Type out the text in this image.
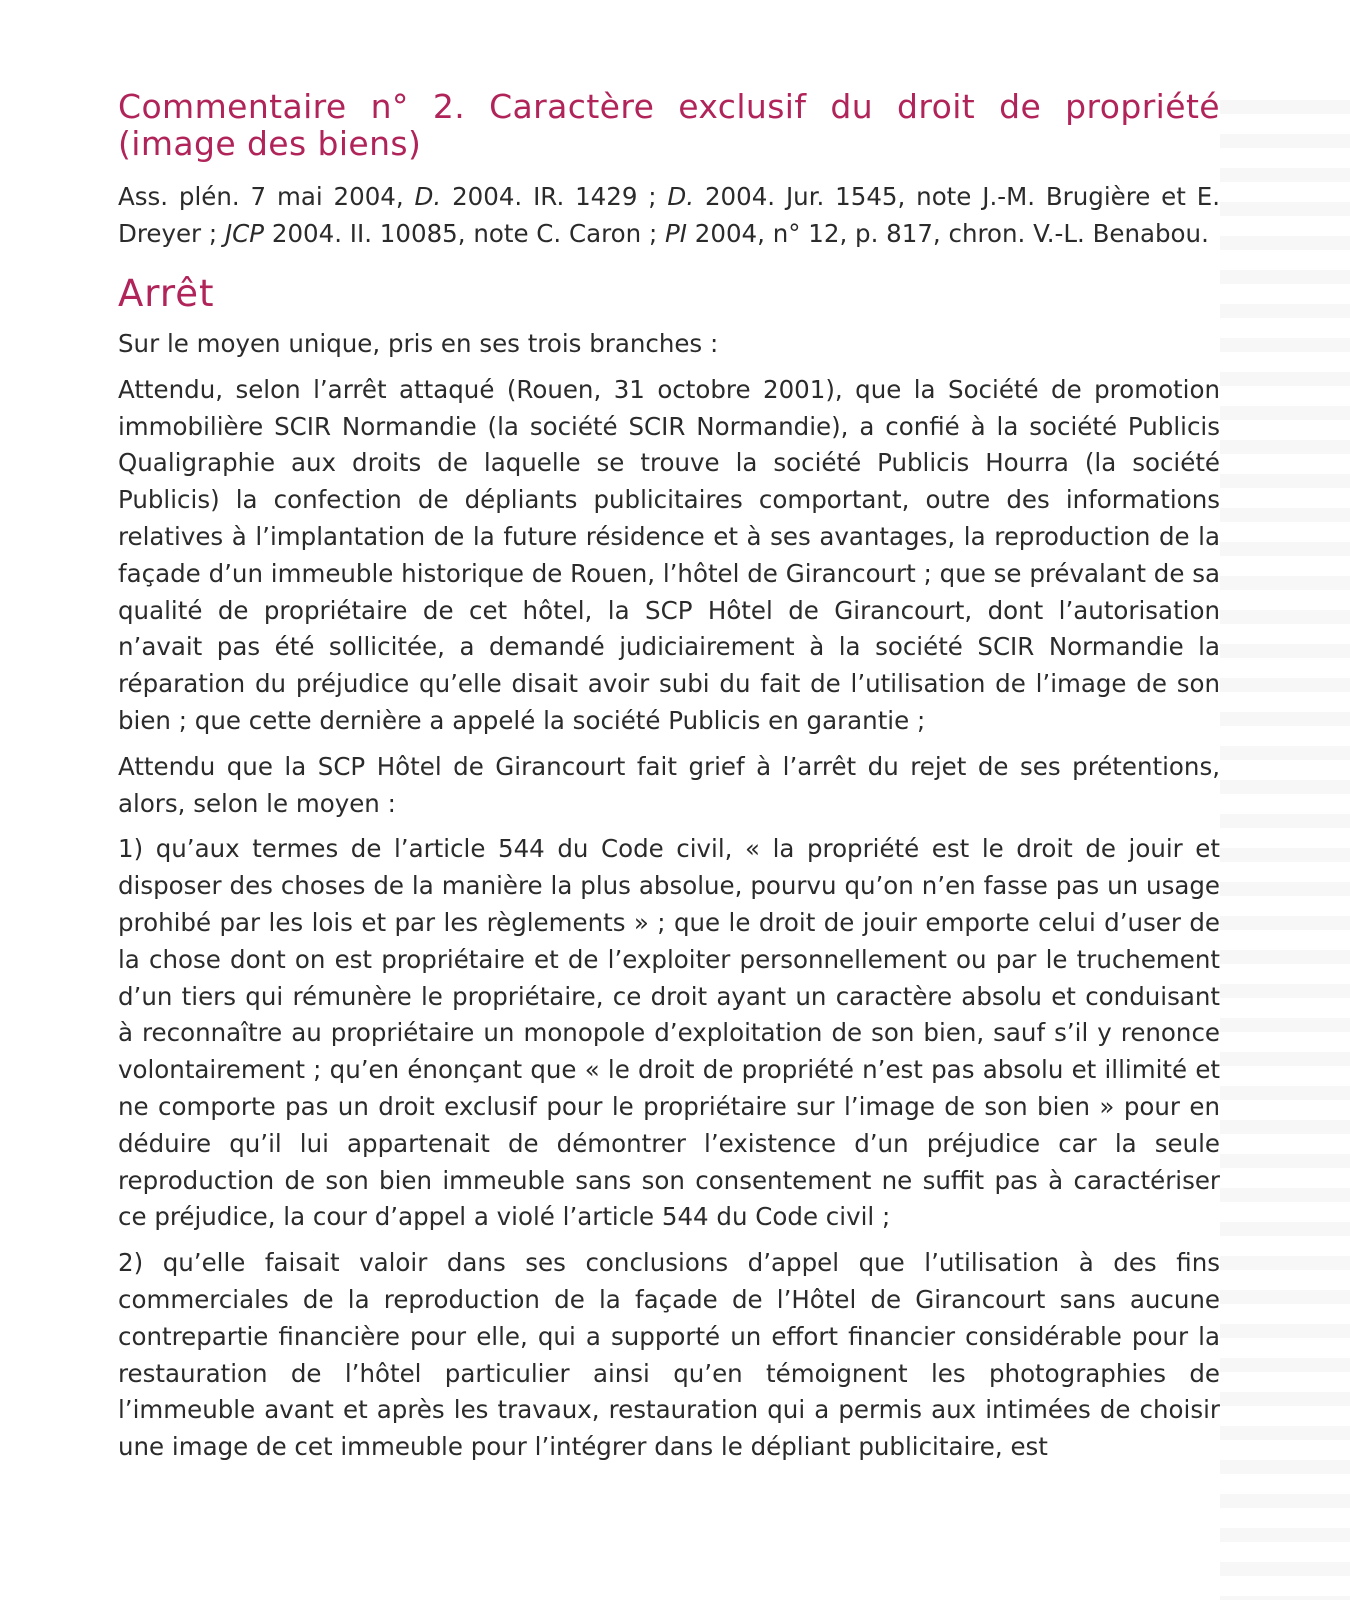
Commentaire n° 2. Caractère exclusif du droit de propriété (image des biens)

Ass. plén. 7 mai 2004, D. 2004. IR. 1429 ; D. 2004. Jur. 1545, note J.-M. Brugière et E. Dreyer ; JCP 2004. II. 10085, note C. Caron ; PI 2004, n° 12, p. 817, chron. V.-L. Benabou.

Arrêt

Sur le moyen unique, pris en ses trois branches :

Attendu, selon l’arrêt attaqué (Rouen, 31 octobre 2001), que la Société de promotion immobilière SCIR Normandie (la société SCIR Normandie), a confié à la société Publicis Qualigraphie aux droits de laquelle se trouve la société Publicis Hourra (la société Publicis) la confection de dépliants publicitaires comportant, outre des informations relatives à l’implantation de la future résidence et à ses avantages, la reproduction de la façade d’un immeuble historique de Rouen, l’hôtel de Girancourt ; que se prévalant de sa qualité de propriétaire de cet hôtel, la SCP Hôtel de Girancourt, dont l’autorisation n’avait pas été sollicitée, a demandé judiciairement à la société SCIR Normandie la réparation du préjudice qu’elle disait avoir subi du fait de l’utilisation de l’image de son bien ; que cette dernière a appelé la société Publicis en garantie ;

Attendu que la SCP Hôtel de Girancourt fait grief à l’arrêt du rejet de ses prétentions, alors, selon le moyen :

1) qu’aux termes de l’article 544 du Code civil, « la propriété est le droit de jouir et disposer des choses de la manière la plus absolue, pourvu qu’on n’en fasse pas un usage prohibé par les lois et par les règlements » ; que le droit de jouir emporte celui d’user de la chose dont on est propriétaire et de l’exploiter personnellement ou par le truchement d’un tiers qui rémunère le propriétaire, ce droit ayant un caractère absolu et conduisant à reconnaître au propriétaire un monopole d’exploitation de son bien, sauf s’il y renonce volontairement ; qu’en énonçant que « le droit de propriété n’est pas absolu et illimité et ne comporte pas un droit exclusif pour le propriétaire sur l’image de son bien » pour en déduire qu’il lui appartenait de démontrer l’existence d’un préjudice car la seule reproduction de son bien immeuble sans son consentement ne suffit pas à caractériser ce préjudice, la cour d’appel a violé l’article 544 du Code civil ;

2) qu’elle faisait valoir dans ses conclusions d’appel que l’utilisation à des fins commerciales de la reproduction de la façade de l’Hôtel de Girancourt sans aucune contrepartie financière pour elle, qui a supporté un effort financier considérable pour la restauration de l’hôtel particulier ainsi qu’en témoignent les photographies de l’immeuble avant et après les travaux, restauration qui a permis aux intimées de choisir une image de cet immeuble pour l’intégrer dans le dépliant publicitaire, est
